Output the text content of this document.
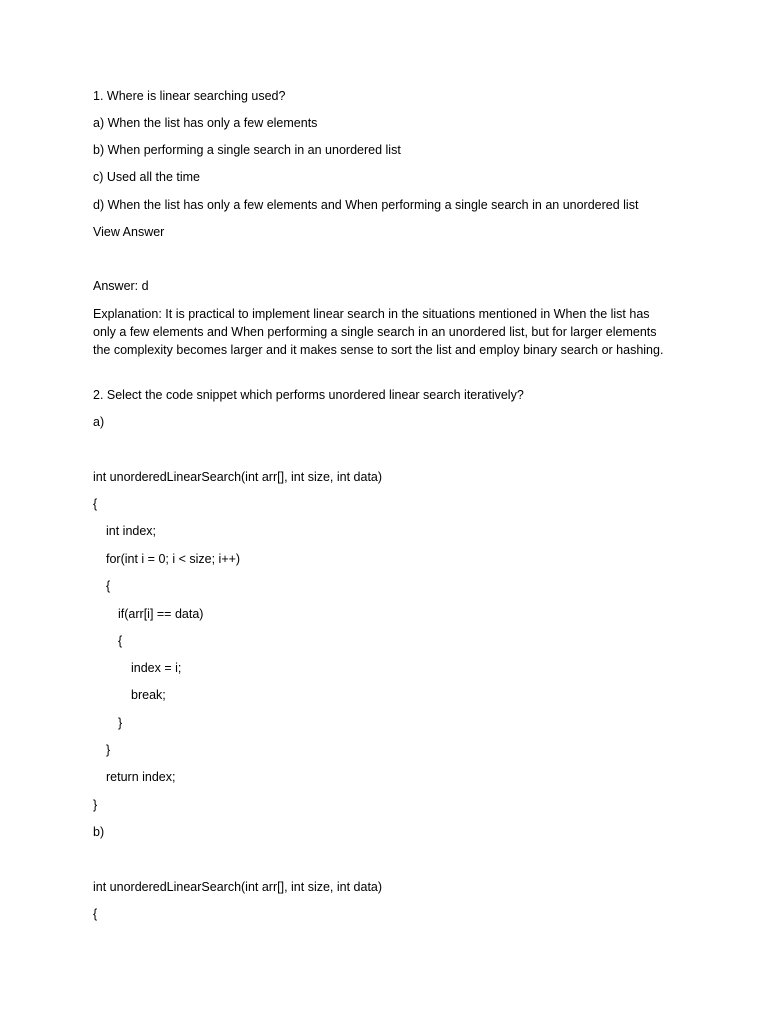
1. Where is linear searching used?
a) When the list has only a few elements
b) When performing a single search in an unordered list
c) Used all the time
d) When the list has only a few elements and When performing a single search in an unordered list
View Answer
Answer: d
Explanation: It is practical to implement linear search in the situations mentioned in When the list has only a few elements and When performing a single search in an unordered list, but for larger elements the complexity becomes larger and it makes sense to sort the list and employ binary search or hashing.
2. Select the code snippet which performs unordered linear search iteratively?
a)
int unorderedLinearSearch(int arr[], int size, int data)
{
int index;
for(int i = 0; i < size; i++)
{
if(arr[i] == data)
{
index = i;
break;
}
}
return index;
}
b)
int unorderedLinearSearch(int arr[], int size, int data)
{
